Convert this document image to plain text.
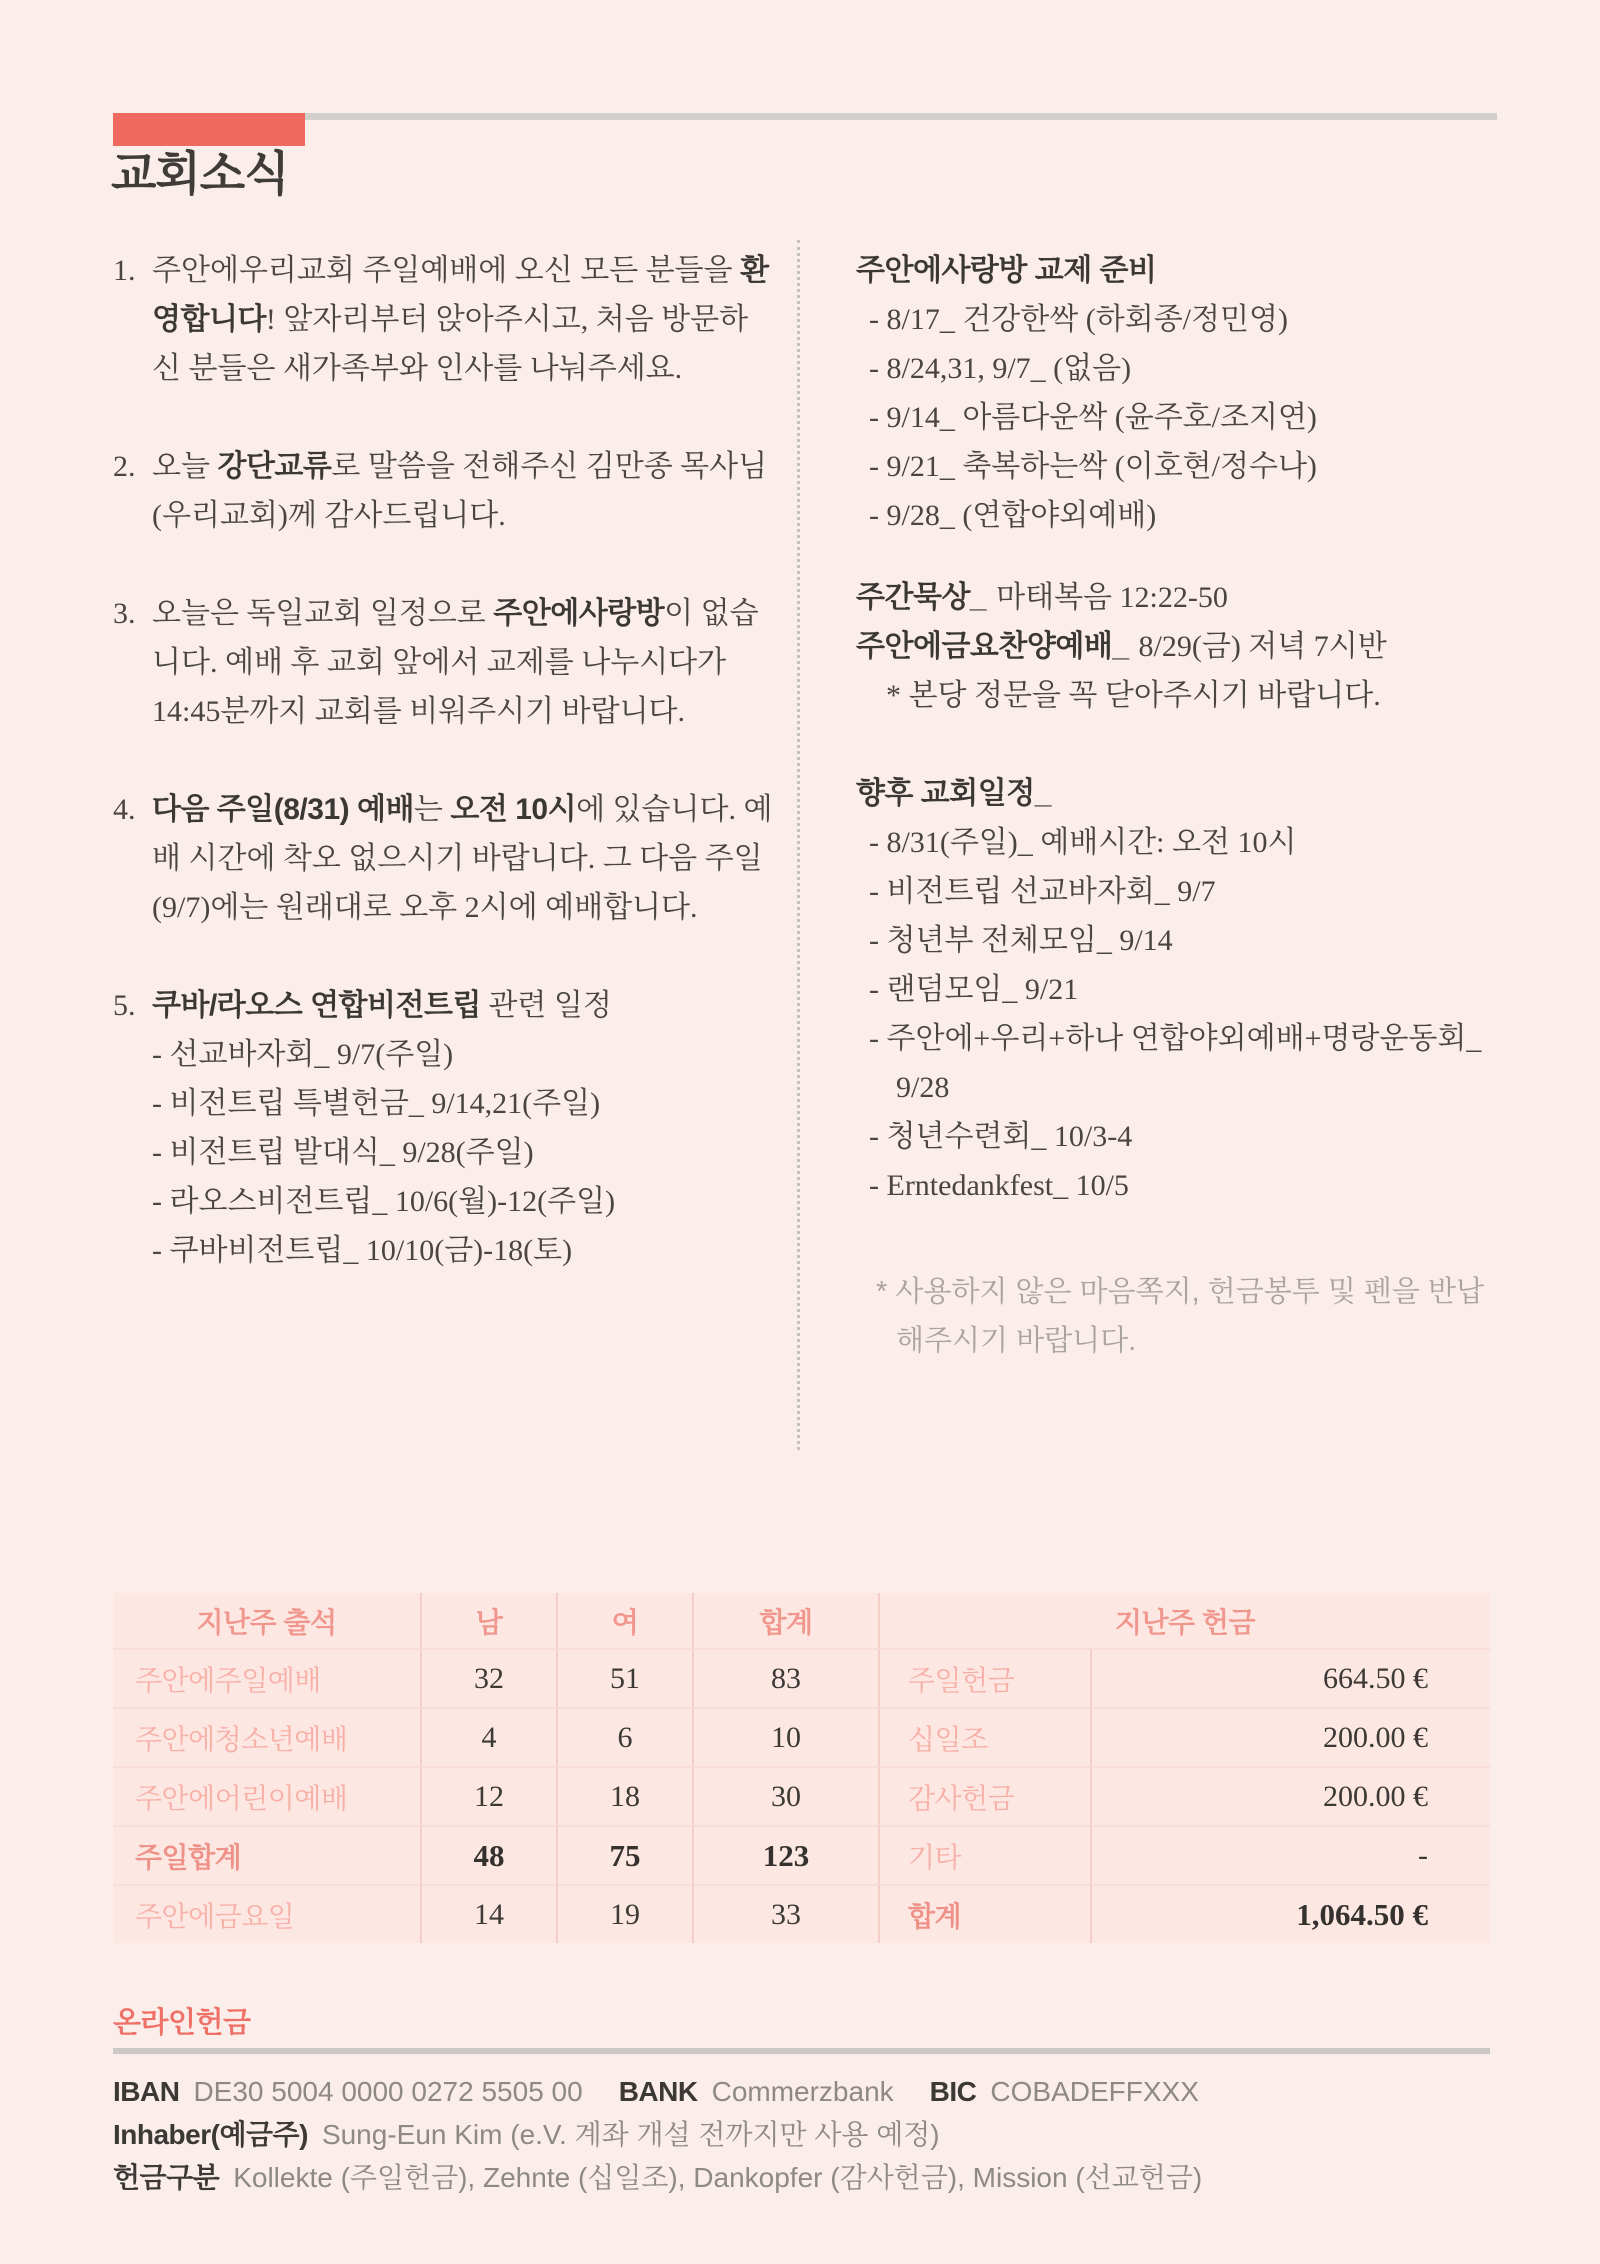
교회소식
1. 주안에우리교회 주일예배에 오신 모든 분들을 환영합니다! 앞자리부터 앉아주시고, 처음 방문하신 분들은 새가족부와 인사를 나눠주세요.
2. 오늘 강단교류로 말씀을 전해주신 김만종 목사님(우리교회)께 감사드립니다.
3. 오늘은 독일교회 일정으로 주안에사랑방이 없습니다. 예배 후 교회 앞에서 교제를 나누시다가 14:45분까지 교회를 비워주시기 바랍니다.
4. 다음 주일(8/31) 예배는 오전 10시에 있습니다. 예배 시간에 착오 없으시기 바랍니다. 그 다음 주일(9/7)에는 원래대로 오후 2시에 예배합니다.
5. 쿠바/라오스 연합비전트립 관련 일정
- 선교바자회_ 9/7(주일)
- 비전트립 특별헌금_ 9/14,21(주일)
- 비전트립 발대식_ 9/28(주일)
- 라오스비전트립_ 10/6(월)-12(주일)
- 쿠바비전트립_ 10/10(금)-18(토)
주안에사랑방 교제 준비
- 8/17_ 건강한싹 (하회종/정민영)
- 8/24,31, 9/7_ (없음)
- 9/14_ 아름다운싹 (윤주호/조지연)
- 9/21_ 축복하는싹 (이호현/정수나)
- 9/28_ (연합야외예배)
주간묵상_ 마태복음 12:22-50
주안에금요찬양예배_ 8/29(금) 저녁 7시반
* 본당 정문을 꼭 닫아주시기 바랍니다.
향후 교회일정_
- 8/31(주일)_ 예배시간: 오전 10시
- 비전트립 선교바자회_ 9/7
- 청년부 전체모임_ 9/14
- 랜덤모임_ 9/21
- 주안에+우리+하나 연합야외예배+명랑운동회_ 9/28
- 청년수련회_ 10/3-4
- Erntedankfest_ 10/5
* 사용하지 않은 마음쪽지, 헌금봉투 및 펜을 반납해주시기 바랍니다.
지난주 출석	남	여	합계	지난주 헌금
주안에주일예배	32	51	83	주일헌금	664.50 €
주안에청소년예배	4	6	10	십일조	200.00 €
주안에어린이예배	12	18	30	감사헌금	200.00 €
주일합계	48	75	123	기타	-
주안에금요일	14	19	33	합계	1,064.50 €
온라인헌금
IBAN DE30 5004 0000 0272 5505 00 BANK Commerzbank BIC COBADEFFXXX
Inhaber(예금주) Sung-Eun Kim (e.V. 계좌 개설 전까지만 사용 예정)
헌금구분 Kollekte (주일헌금), Zehnte (십일조), Dankopfer (감사헌금), Mission (선교헌금)
